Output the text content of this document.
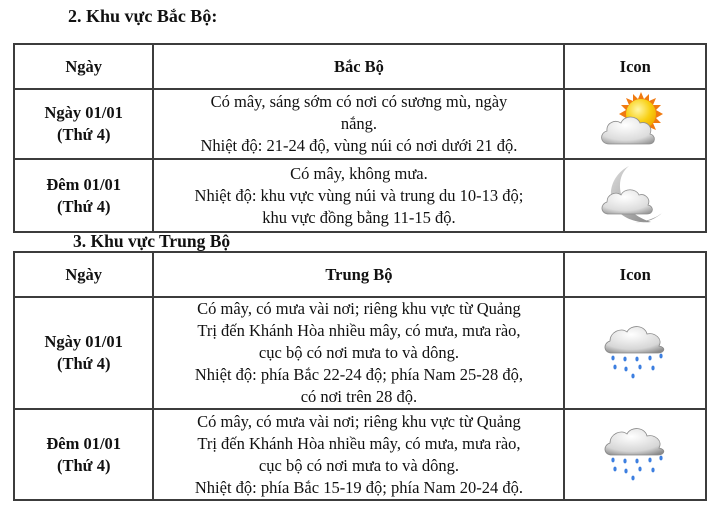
2. Khu vực Bắc Bộ:
Ngày	Bắc Bộ	Icon

Ngày 01/01
(Thứ 4)	Có mây, sáng sớm có nơi có sương mù, ngày
nắng.
Nhiệt độ: 21-24 độ, vùng núi có nơi dưới 21 độ.

Đêm 01/01
(Thứ 4)	Có mây, không mưa.
Nhiệt độ: khu vực vùng núi và trung du 10-13 độ;
khu vực đồng bằng 11-15 độ.

3. Khu vực Trung Bộ
Ngày	Trung Bộ	Icon

Ngày 01/01
(Thứ 4)	Có mây, có mưa vài nơi; riêng khu vực từ Quảng
Trị đến Khánh Hòa nhiều mây, có mưa, mưa rào,
cục bộ có nơi mưa to và dông.
Nhiệt độ: phía Bắc 22-24 độ; phía Nam 25-28 độ,
có nơi trên 28 độ.

Đêm 01/01
(Thứ 4)	Có mây, có mưa vài nơi; riêng khu vực từ Quảng
Trị đến Khánh Hòa nhiều mây, có mưa, mưa rào,
cục bộ có nơi mưa to và dông.
Nhiệt độ: phía Bắc 15-19 độ; phía Nam 20-24 độ.
